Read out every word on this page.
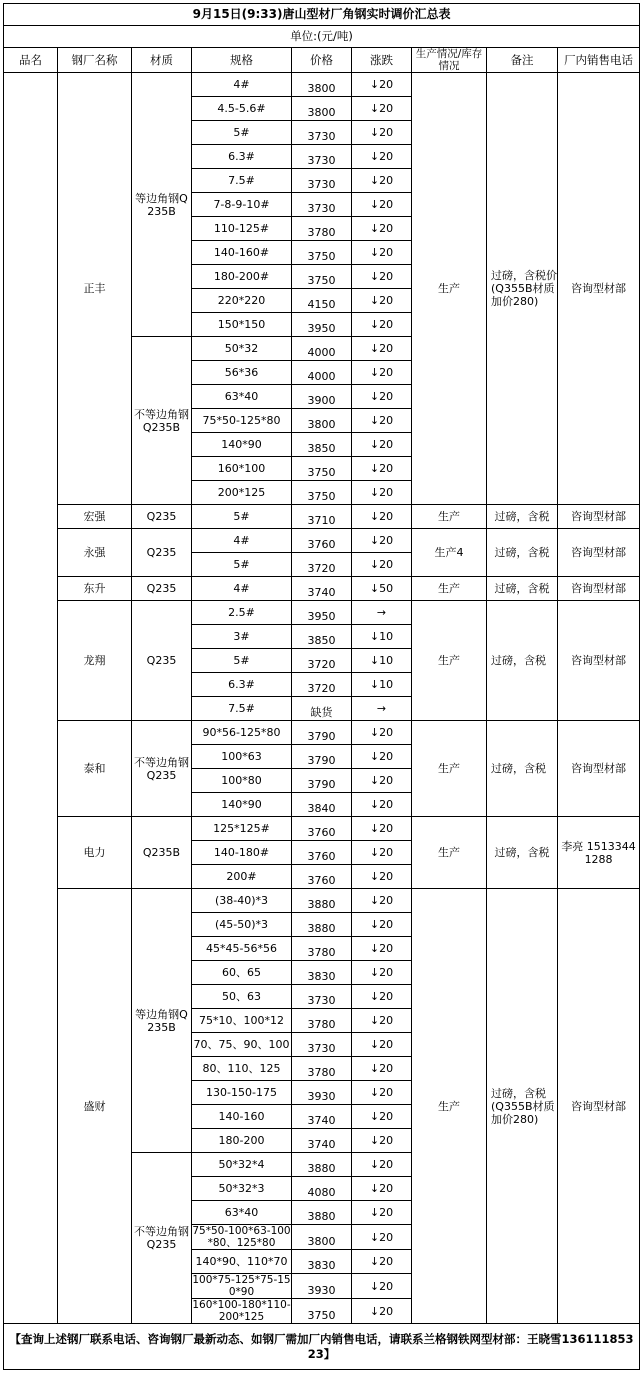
9月15日(9:33)唐山型材厂角钢实时调价汇总表								
单位:(元/吨)								
品名	钢厂名称	材质	规格	价格	涨跌	生产情况/库存情况	备注	厂内销售电话
	正丰	等边角钢Q235B	4#	3800	↓20	生产	过磅，含税价(Q355B材质加价280)	咨询型材部
			4.5-5.6#	3800	↓20			
			5#	3730	↓20			
			6.3#	3730	↓20			
			7.5#	3730	↓20			
			7-8-9-10#	3730	↓20			
			110-125#	3780	↓20			
			140-160#	3750	↓20			
			180-200#	3750	↓20			
			220*220	4150	↓20			
			150*150	3950	↓20			
		不等边角钢Q235B	50*32	4000	↓20			
			56*36	4000	↓20			
			63*40	3900	↓20			
			75*50-125*80	3800	↓20			
			140*90	3850	↓20			
			160*100	3750	↓20			
			200*125	3750	↓20			
	宏强	Q235	5#	3710	↓20	生产	过磅，含税	咨询型材部
	永强	Q235	4#	3760	↓20	生产4	过磅，含税	咨询型材部
			5#	3720	↓20			
	东升	Q235	4#	3740	↓50	生产	过磅，含税	咨询型材部
	龙翔	Q235	2.5#	3950	→	生产	过磅，含税	咨询型材部
			3#	3850	↓10			
			5#	3720	↓10			
			6.3#	3720	↓10			
			7.5#	缺货	→			
	泰和	不等边角钢Q235	90*56-125*80	3790	↓20	生产	过磅，含税	咨询型材部
			100*63	3790	↓20			
			100*80	3790	↓20			
			140*90	3840	↓20			
	电力	Q235B	125*125#	3760	↓20	生产	过磅，含税	李亮 15133441288
			140-180#	3760	↓20			
			200#	3760	↓20			
	盛财	等边角钢Q235B	(38-40)*3	3880	↓20	生产	过磅，含税(Q355B材质加价280)	咨询型材部
			(45-50)*3	3880	↓20			
			45*45-56*56	3780	↓20			
			60、65	3830	↓20			
			50、63	3730	↓20			
			75*10、100*12	3780	↓20			
			70、75、90、100	3730	↓20			
			80、110、125	3780	↓20			
			130-150-175	3930	↓20			
			140-160	3740	↓20			
			180-200	3740	↓20			
		不等边角钢Q235	50*32*4	3880	↓20			
			50*32*3	4080	↓20			
			63*40	3880	↓20			
			75*50-100*63-100*80、125*80	3800	↓20			
			140*90、110*70	3830	↓20			
			100*75-125*75-150*90	3930	↓20			
			160*100-180*110-200*125	3750	↓20			
【查询上述钢厂联系电话、咨询钢厂最新动态、如钢厂需加厂内销售电话，请联系兰格钢铁网型材部：王晓雪13611185323】								
